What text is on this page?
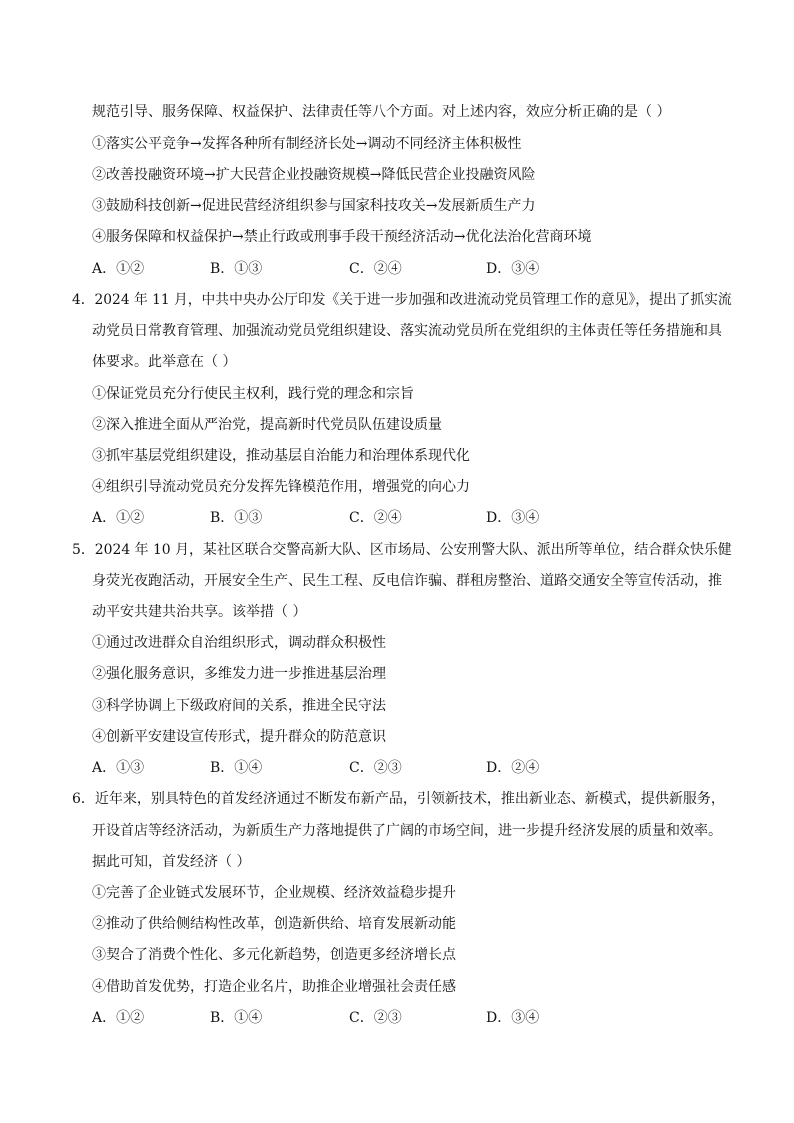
规范引导、服务保障、权益保护、法律责任等八个方面。对上述内容，效应分析正确的是（ ）
①落实公平竞争→发挥各种所有制经济长处→调动不同经济主体积极性
②改善投融资环境→扩大民营企业投融资规模→降低民营企业投融资风险
③鼓励科技创新→促进民营经济组织参与国家科技攻关→发展新质生产力
④服务保障和权益保护→禁止行政或刑事手段干预经济活动→优化法治化营商环境
A．①②	B．①③	C．②④	D．③④
4．2024 年 11 月，中共中央办公厅印发《关于进一步加强和改进流动党员管理工作的意见》，提出了抓实流
动党员日常教育管理、加强流动党员党组织建设、落实流动党员所在党组织的主体责任等任务措施和具
体要求。此举意在（ ）
①保证党员充分行使民主权利，践行党的理念和宗旨
②深入推进全面从严治党，提高新时代党员队伍建设质量
③抓牢基层党组织建设，推动基层自治能力和治理体系现代化
④组织引导流动党员充分发挥先锋模范作用，增强党的向心力
A．①②	B．①③	C．②④	D．③④
5．2024 年 10 月，某社区联合交警高新大队、区市场局、公安刑警大队、派出所等单位，结合群众快乐健
身荧光夜跑活动，开展安全生产、民生工程、反电信诈骗、群租房整治、道路交通安全等宣传活动，推
动平安共建共治共享。该举措（ ）
①通过改进群众自治组织形式，调动群众积极性
②强化服务意识，多维发力进一步推进基层治理
③科学协调上下级政府间的关系，推进全民守法
④创新平安建设宣传形式，提升群众的防范意识
A．①③	B．①④	C．②③	D．②④
6．近年来，别具特色的首发经济通过不断发布新产品，引领新技术，推出新业态、新模式，提供新服务，
开设首店等经济活动，为新质生产力落地提供了广阔的市场空间，进一步提升经济发展的质量和效率。
据此可知，首发经济（ ）
①完善了企业链式发展环节，企业规模、经济效益稳步提升
②推动了供给侧结构性改革，创造新供给、培育发展新动能
③契合了消费个性化、多元化新趋势，创造更多经济增长点
④借助首发优势，打造企业名片，助推企业增强社会责任感
A．①②	B．①④	C．②③	D．③④
